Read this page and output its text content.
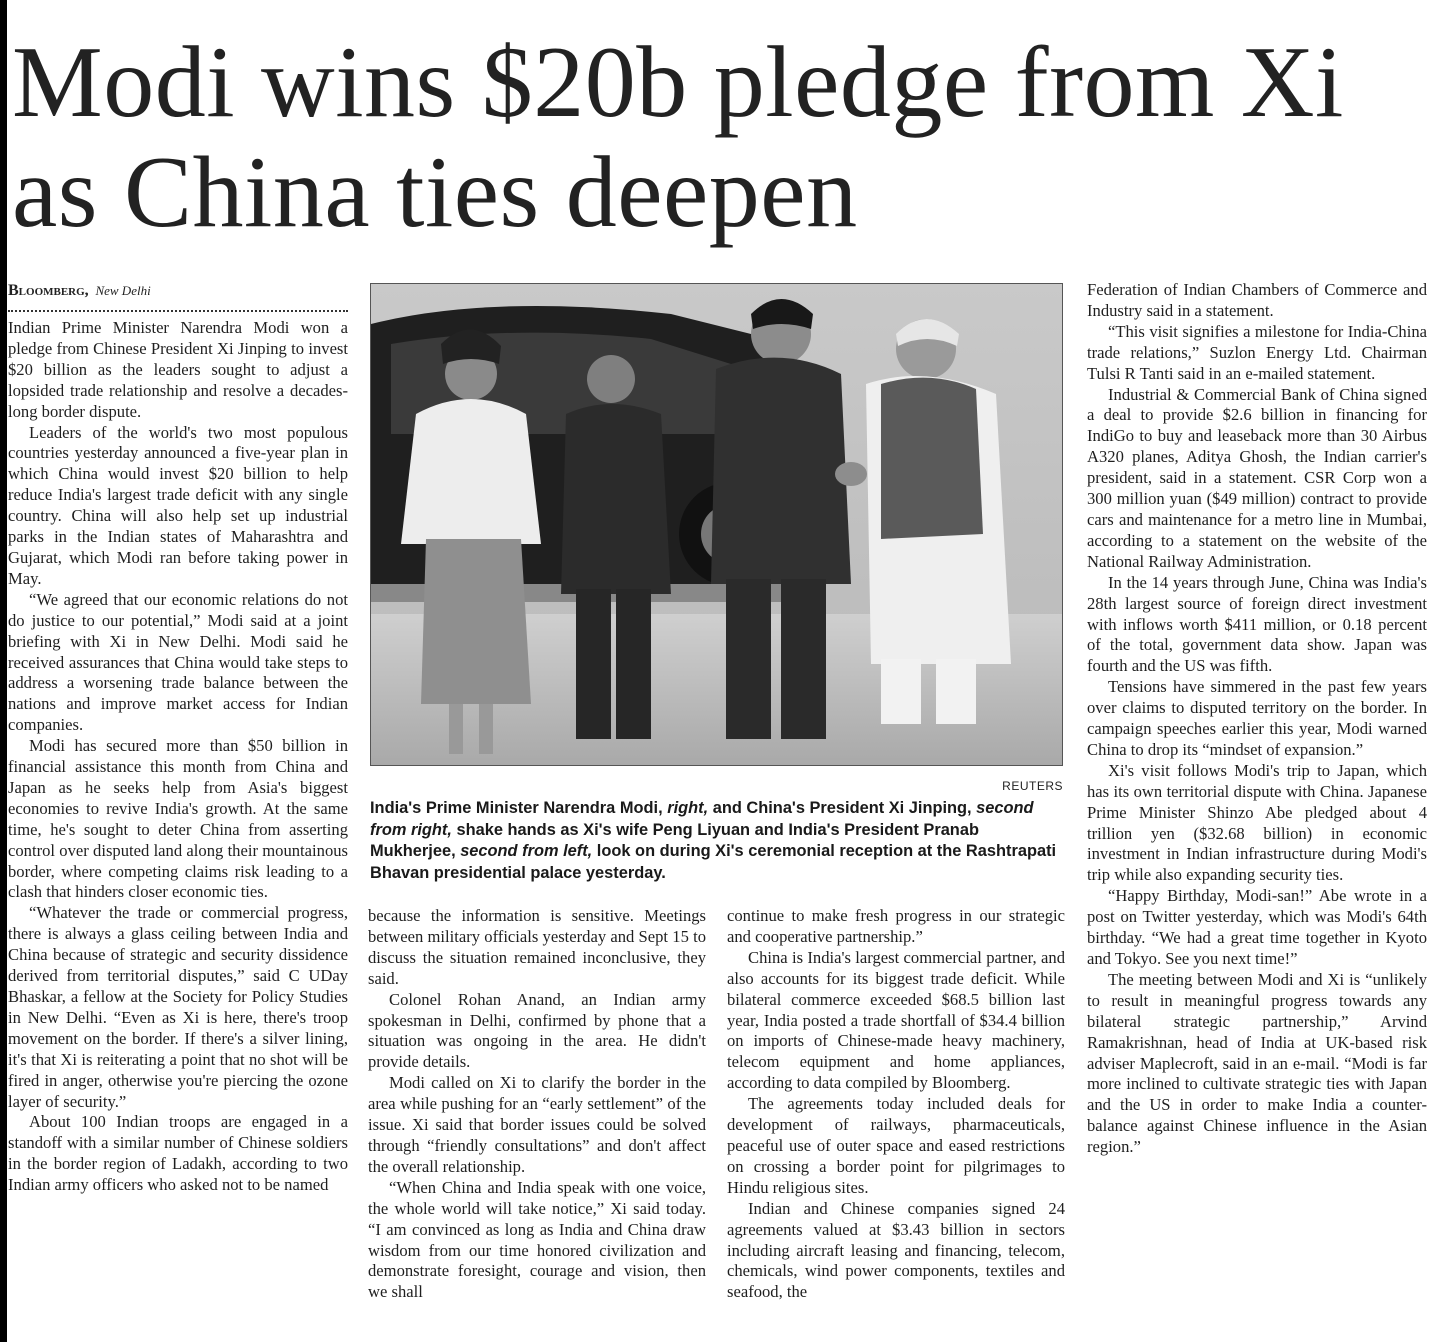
Modi wins $20b pledge from Xi as China ties deepen
Bloomberg, New Delhi
REUTERS

India's Prime Minister Narendra Modi, right, and China's President Xi Jinping, second from right, shake hands as Xi's wife Peng Liyuan and India's President Pranab Mukherjee, second from left, look on during Xi's ceremonial reception at the Rashtrapati Bhavan presidential palace yesterday.

Indian Prime Minister Narendra Modi won a pledge from Chinese President Xi Jinping to invest $20 billion as the leaders sought to adjust a lopsided trade relationship and resolve a decades-long border dispute.

Leaders of the world's two most populous countries yesterday announced a five-year plan in which China would invest $20 billion to help reduce India's largest trade deficit with any single country. China will also help set up industrial parks in the Indian states of Maharashtra and Gujarat, which Modi ran before taking power in May.

“We agreed that our economic relations do not do justice to our potential,” Modi said at a joint briefing with Xi in New Delhi. Modi said he received assurances that China would take steps to address a worsening trade balance between the nations and improve market access for Indian companies.

Modi has secured more than $50 billion in financial assistance this month from China and Japan as he seeks help from Asia's biggest economies to revive India's growth. At the same time, he's sought to deter China from asserting control over disputed land along their mountainous border, where competing claims risk leading to a clash that hinders closer economic ties.

“Whatever the trade or commercial progress, there is always a glass ceiling between India and China because of strategic and security dissidence derived from territorial disputes,” said C UDay Bhaskar, a fellow at the Society for Policy Studies in New Delhi. “Even as Xi is here, there's troop movement on the border. If there's a silver lining, it's that Xi is reiterating a point that no shot will be fired in anger, otherwise you're piercing the ozone layer of security.”

About 100 Indian troops are engaged in a standoff with a similar number of Chinese soldiers in the border region of Ladakh, according to two Indian army officers who asked not to be named

because the information is sensitive. Meetings between military officials yesterday and Sept 15 to discuss the situation remained inconclusive, they said.

Colonel Rohan Anand, an Indian army spokesman in Delhi, confirmed by phone that a situation was ongoing in the area. He didn't provide details.

Modi called on Xi to clarify the border in the area while pushing for an “early settlement” of the issue. Xi said that border issues could be solved through “friendly consultations” and don't affect the overall relationship.

“When China and India speak with one voice, the whole world will take notice,” Xi said today. “I am convinced as long as India and China draw wisdom from our time honored civilization and demonstrate foresight, courage and vision, then we shall

continue to make fresh progress in our strategic and cooperative partnership.”

China is India's largest commercial partner, and also accounts for its biggest trade deficit. While bilateral commerce exceeded $68.5 billion last year, India posted a trade shortfall of $34.4 billion on imports of Chinese-made heavy machinery, telecom equipment and home appliances, according to data compiled by Bloomberg.

The agreements today included deals for development of railways, pharmaceuticals, peaceful use of outer space and eased restrictions on crossing a border point for pilgrimages to Hindu religious sites.

Indian and Chinese companies signed 24 agreements valued at $3.43 billion in sectors including aircraft leasing and financing, telecom, chemicals, wind power components, textiles and seafood, the

Federation of Indian Chambers of Commerce and Industry said in a statement.

“This visit signifies a milestone for India-China trade relations,” Suzlon Energy Ltd. Chairman Tulsi R Tanti said in an e-mailed statement.

Industrial & Commercial Bank of China signed a deal to provide $2.6 billion in financing for IndiGo to buy and leaseback more than 30 Airbus A320 planes, Aditya Ghosh, the Indian carrier's president, said in a statement. CSR Corp won a 300 million yuan ($49 million) contract to provide cars and maintenance for a metro line in Mumbai, according to a statement on the website of the National Railway Administration.

In the 14 years through June, China was India's 28th largest source of foreign direct investment with inflows worth $411 million, or 0.18 percent of the total, government data show. Japan was fourth and the US was fifth.

Tensions have simmered in the past few years over claims to disputed territory on the border. In campaign speeches earlier this year, Modi warned China to drop its “mindset of expansion.”

Xi's visit follows Modi's trip to Japan, which has its own territorial dispute with China. Japanese Prime Minister Shinzo Abe pledged about 4 trillion yen ($32.68 billion) in economic investment in Indian infrastructure during Modi's trip while also expanding security ties.

“Happy Birthday, Modi-san!” Abe wrote in a post on Twitter yesterday, which was Modi's 64th birthday. “We had a great time together in Kyoto and Tokyo. See you next time!”

The meeting between Modi and Xi is “unlikely to result in meaningful progress towards any bilateral strategic partnership,” Arvind Ramakrishnan, head of India at UK-based risk adviser Maplecroft, said in an e-mail. “Modi is far more inclined to cultivate strategic ties with Japan and the US in order to make India a counter-balance against Chinese influence in the Asian region.”
